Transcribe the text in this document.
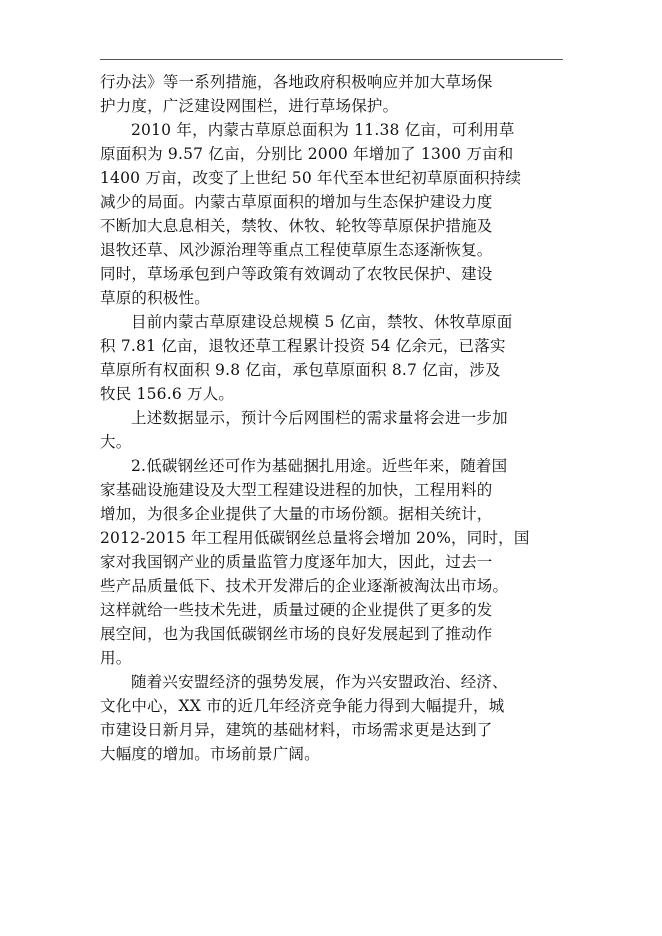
行办法》等一系列措施，各地政府积极响应并加大草场保
护力度，广泛建设网围栏，进行草场保护。

2010 年，内蒙古草原总面积为 11.38 亿亩，可利用草
原面积为 9.57 亿亩，分别比 2000 年增加了 1300 万亩和
1400 万亩，改变了上世纪 50 年代至本世纪初草原面积持续
减少的局面。内蒙古草原面积的增加与生态保护建设力度
不断加大息息相关，禁牧、休牧、轮牧等草原保护措施及
退牧还草、风沙源治理等重点工程使草原生态逐渐恢复。
同时，草场承包到户等政策有效调动了农牧民保护、建设
草原的积极性。

目前内蒙古草原建设总规模 5 亿亩，禁牧、休牧草原面
积 7.81 亿亩，退牧还草工程累计投资 54 亿余元，已落实
草原所有权面积 9.8 亿亩，承包草原面积 8.7 亿亩，涉及
牧民 156.6 万人。

上述数据显示，预计今后网围栏的需求量将会进一步加
大。

2.低碳钢丝还可作为基础捆扎用途。近些年来，随着国
家基础设施建设及大型工程建设进程的加快，工程用料的
增加，为很多企业提供了大量的市场份额。据相关统计，
2012-2015 年工程用低碳钢丝总量将会增加 20%，同时，国
家对我国钢产业的质量监管力度逐年加大，因此，过去一
些产品质量低下、技术开发滞后的企业逐渐被淘汰出市场。
这样就给一些技术先进，质量过硬的企业提供了更多的发
展空间，也为我国低碳钢丝市场的良好发展起到了推动作
用。

随着兴安盟经济的强势发展，作为兴安盟政治、经济、
文化中心，XX 市的近几年经济竞争能力得到大幅提升，城
市建设日新月异，建筑的基础材料，市场需求更是达到了
大幅度的增加。市场前景广阔。
